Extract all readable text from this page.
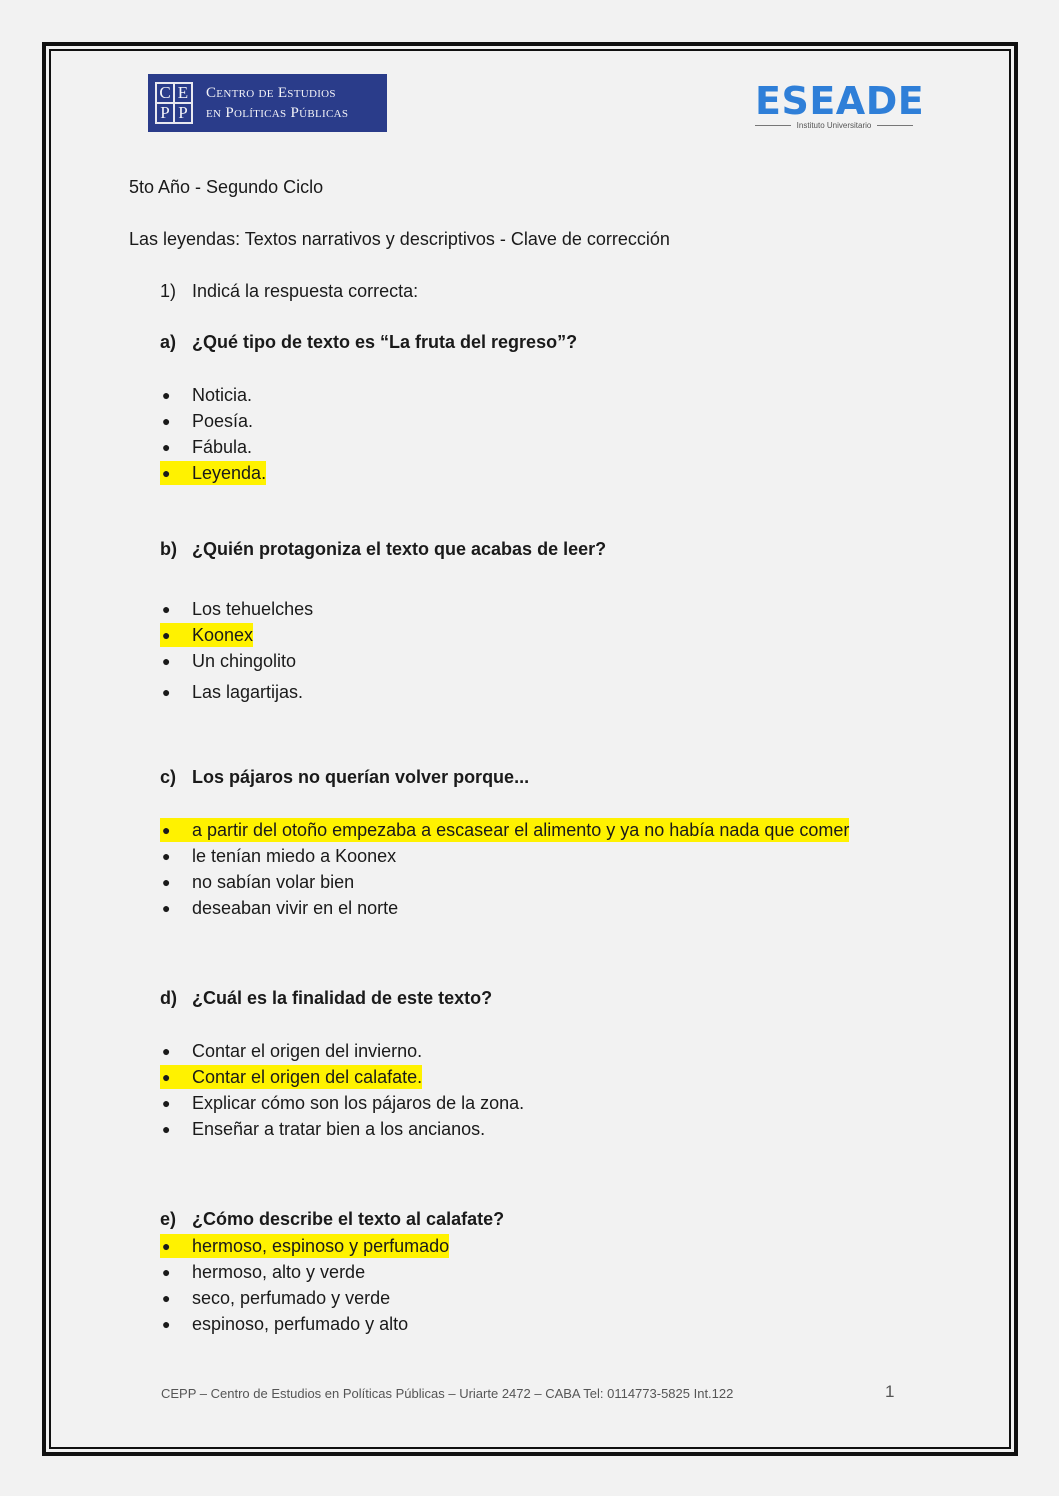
C E
P P
Centro de Estudios
en Políticas Públicas	ESEADE
Instituto Universitario
5to Año - Segundo Ciclo
Las leyendas: Textos narrativos y descriptivos - Clave de corrección
1) Indicá la respuesta correcta:
a) ¿Qué tipo de texto es “La fruta del regreso”?
●	Noticia.
●	Poesía.
●	Fábula.
●	Leyenda.
b) ¿Quién protagoniza el texto que acabas de leer?
●	Los tehuelches
●	Koonex
●	Un chingolito
●	Las lagartijas.
c) Los pájaros no querían volver porque...
●	a partir del otoño empezaba a escasear el alimento y ya no había nada que comer
●	le tenían miedo a Koonex
●	no sabían volar bien
●	deseaban vivir en el norte
d) ¿Cuál es la finalidad de este texto?
●	Contar el origen del invierno.
●	Contar el origen del calafate.
●	Explicar cómo son los pájaros de la zona.
●	Enseñar a tratar bien a los ancianos.
e) ¿Cómo describe el texto al calafate?
●	hermoso, espinoso y perfumado
●	hermoso, alto y verde
●	seco, perfumado y verde
●	espinoso, perfumado y alto
CEPP – Centro de Estudios en Políticas Públicas – Uriarte 2472 – CABA Tel: 0114773-5825 Int.122	1
